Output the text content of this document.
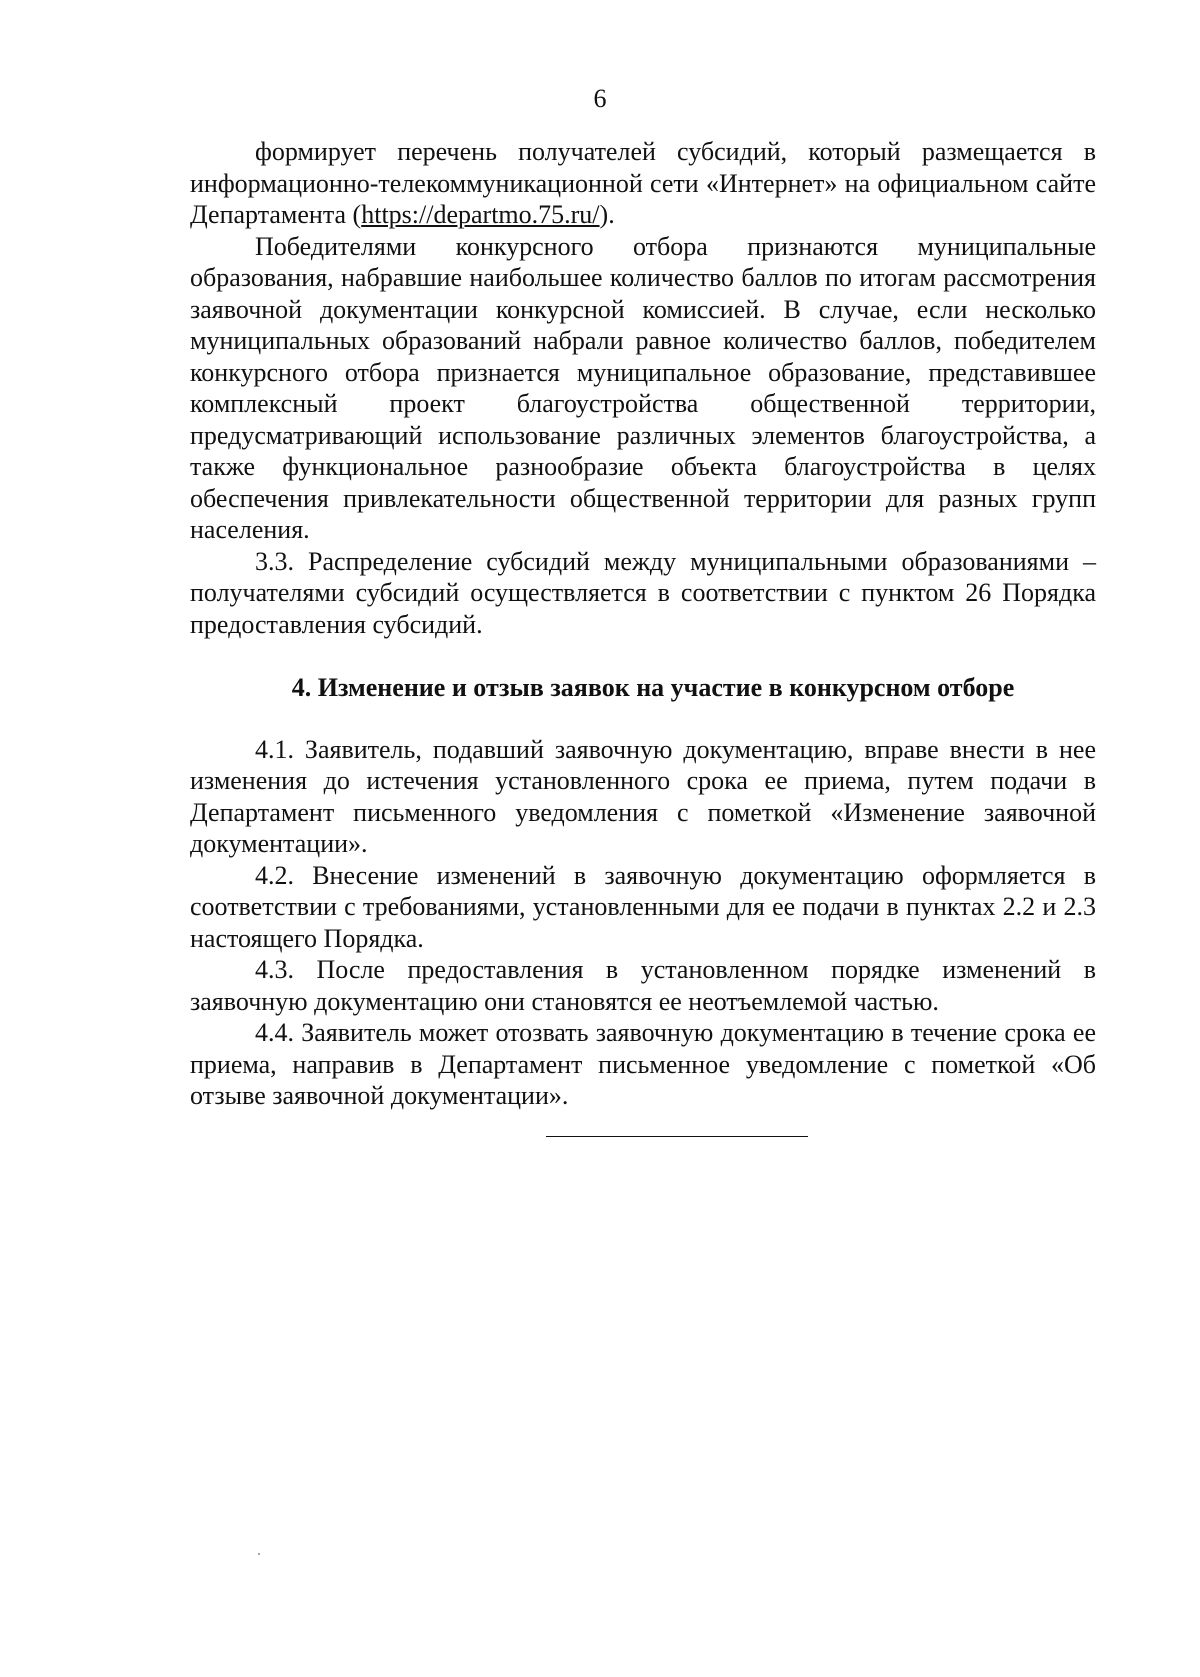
6

формирует перечень получателей субсидий, который размещается в информационно-телекоммуникационной сети «Интернет» на официальном сайте Департамента (https://departmo.75.ru/).

Победителями конкурсного отбора признаются муниципальные образования, набравшие наибольшее количество баллов по итогам рассмотрения заявочной документации конкурсной комиссией. В случае, если несколько муниципальных образований набрали равное количество баллов, победителем конкурсного отбора признается муниципальное образование, представившее комплексный проект благоустройства общественной территории, предусматривающий использование различных элементов благоустройства, а также функциональное разнообразие объекта благоустройства в целях обеспечения привлекательности общественной территории для разных групп населения.

3.3. Распределение субсидий между муниципальными образованиями – получателями субсидий осуществляется в соответствии с пунктом 26 Порядка предоставления субсидий.

4. Изменение и отзыв заявок на участие в конкурсном отборе

4.1. Заявитель, подавший заявочную документацию, вправе внести в нее изменения до истечения установленного срока ее приема, путем подачи в Департамент письменного уведомления с пометкой «Изменение заявочной документации».

4.2. Внесение изменений в заявочную документацию оформляется в соответствии с требованиями, установленными для ее подачи в пунктах 2.2 и 2.3 настоящего Порядка.

4.3. После предоставления в установленном порядке изменений в заявочную документацию они становятся ее неотъемлемой частью.

4.4. Заявитель может отозвать заявочную документацию в течение срока ее приема, направив в Департамент письменное уведомление с пометкой «Об отзыве заявочной документации».
